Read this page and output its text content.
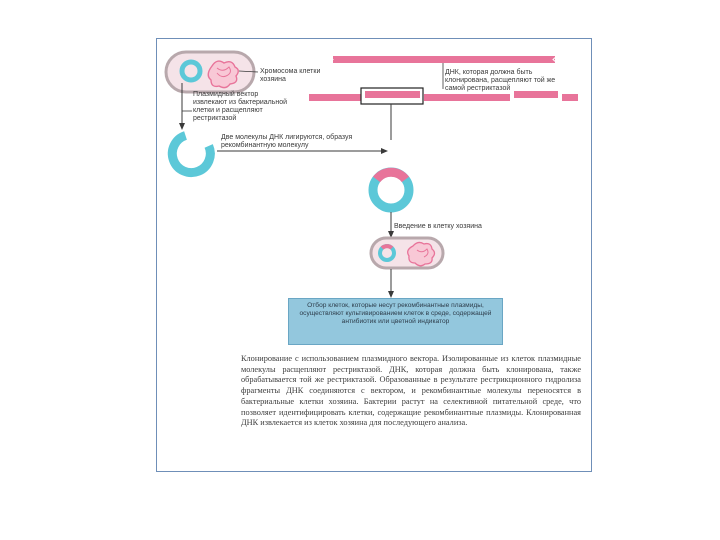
Хромосома клетки хозяина
Плазмидный вектор извлекают из бактериальной клетки и расщепляют рестриктазой
ДНК, которая должна быть клонирована, расщепляют той же самой рестриктазой
Две молекулы ДНК лигируются, образуя рекомбинантную молекулу
Введение в клетку хозяина
Отбор клеток, которые несут рекомбинантные плазмиды, осуществляют культивированием клеток в среде, содержащей антибиотик или цветной индикатор
Клонирование с использованием плазмидного вектора. Изолированные из клеток плазмидные молекулы расщепляют рестриктазой. ДНК, которая должна быть клонирована, также обрабатывается той же рестриктазой. Образованные в результате рестрикционного гидролиза фрагменты ДНК соединяются с вектором, и рекомбинантные молекулы переносятся в бактериальные клетки хозяина. Бактерии растут на селективной питательной среде, что позволяет идентифицировать клетки, содержащие рекомбинантные плазмиды. Клонированная ДНК извлекается из клеток хозяина для последующего анализа.
